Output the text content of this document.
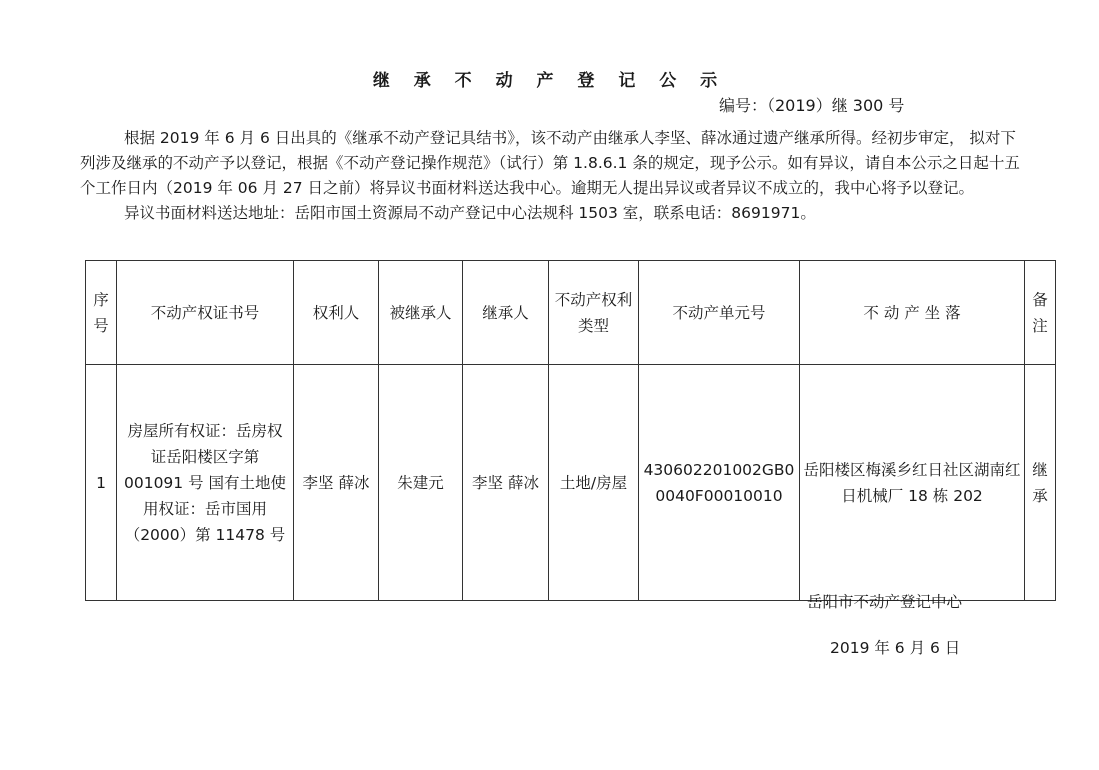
继 承 不 动 产 登 记 公 示
编号：（2019）继 300 号

根据 2019 年 6 月 6 日出具的《继承不动产登记具结书》，该不动产由继承人李坚、薛冰通过遗产继承所得。经初步审定， 拟对下列涉及继承的不动产予以登记，根据《不动产登记操作规范》（试行）第 1.8.6.1 条的规定，现予公示。如有异议，请自本公示之日起十五个工作日内（2019 年 06 月 27 日之前）将异议书面材料送达我中心。逾期无人提出异议或者异议不成立的，我中心将予以登记。

异议书面材料送达地址：岳阳市国土资源局不动产登记中心法规科 1503 室，联系电话：8691971。

序号	不动产权证书号	权利人	被继承人	继承人	不动产权利类型	不动产单元号	不 动 产 坐 落	备注
1	房屋所有权证：岳房权证岳阳楼区字第 001091 号 国有土地使用权证：岳市国用（2000）第 11478 号	李坚 薛冰	朱建元	李坚 薛冰	土地/房屋	430602201002GB00040F00010010	岳阳楼区梅溪乡红日社区湖南红日机械厂 18 栋 202	继承
岳阳市不动产登记中心
2019 年 6 月 6 日
